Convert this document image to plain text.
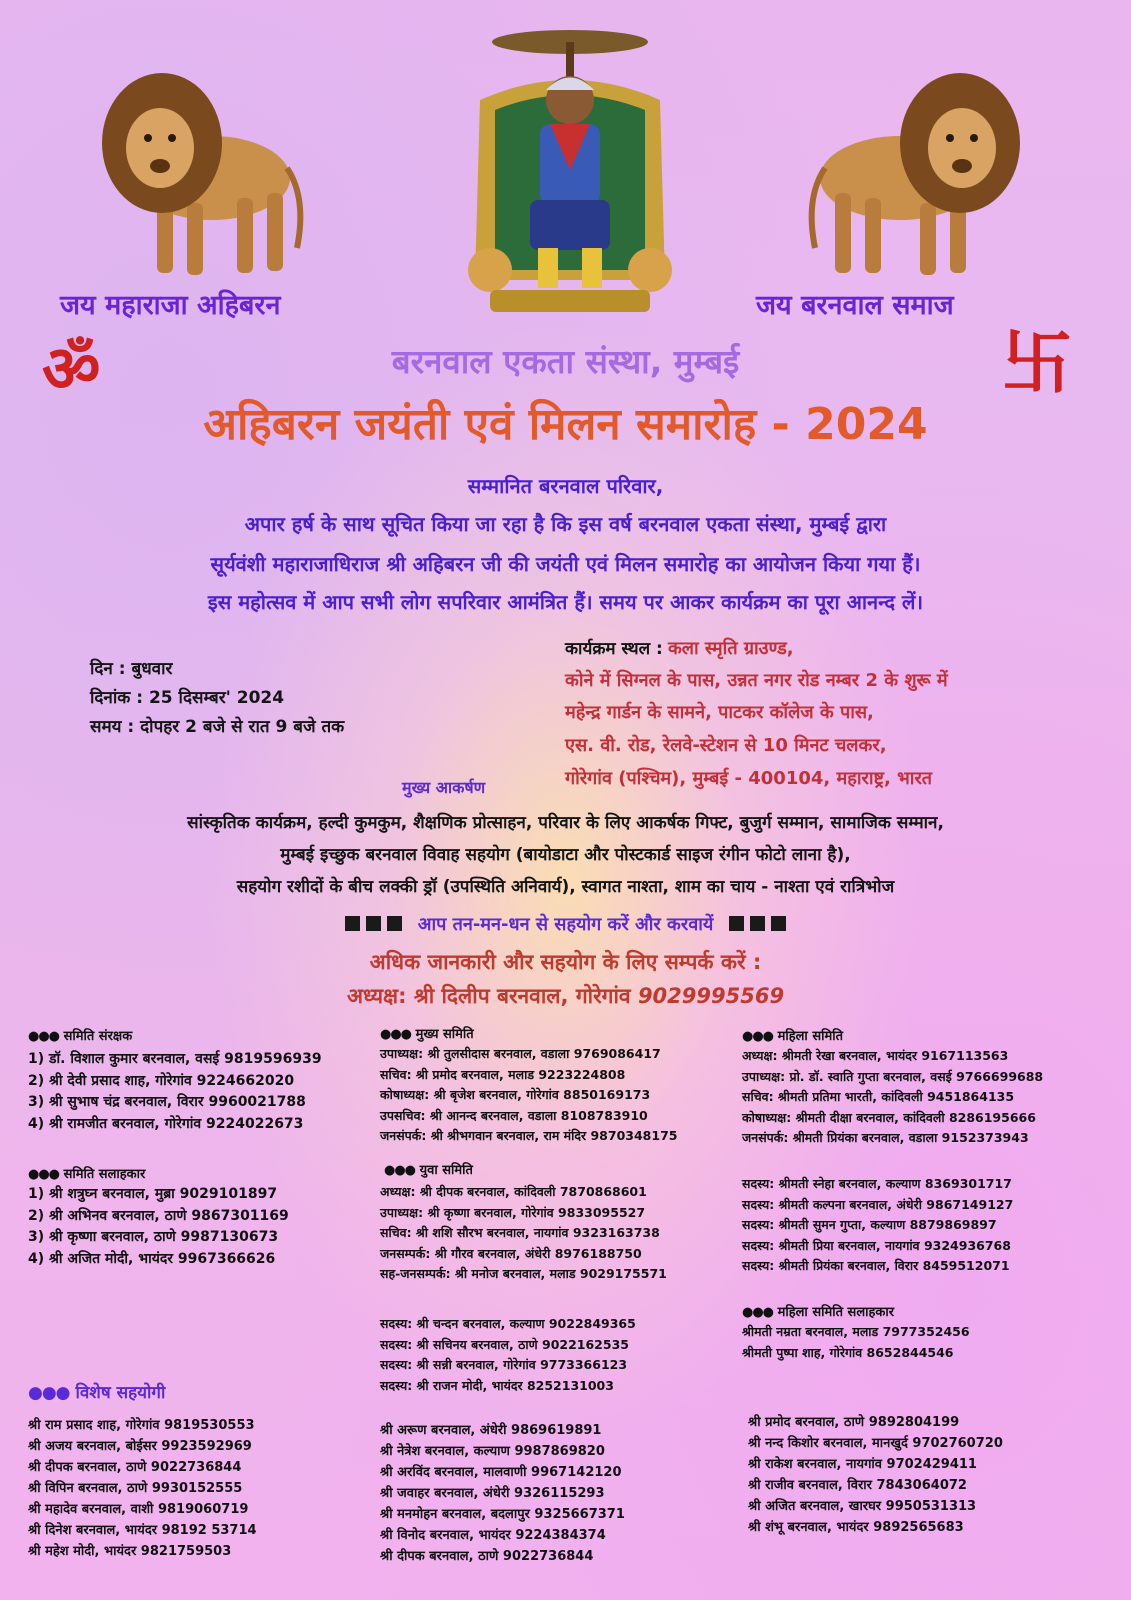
जय महाराजा अहिबरन	जय बरनवाल समाज
ॐ	卐
बरनवाल एकता संस्था, मुम्बई
अहिबरन जयंती एवं मिलन समारोह - 2024
सम्मानित बरनवाल परिवार,
अपार हर्ष के साथ सूचित किया जा रहा है कि इस वर्ष बरनवाल एकता संस्था, मुम्बई द्वारा
सूर्यवंशी महाराजाधिराज श्री अहिबरन जी की जयंती एवं मिलन समारोह का आयोजन किया गया हैं।
इस महोत्सव में आप सभी लोग सपरिवार आमंत्रित हैं। समय पर आकर कार्यक्रम का पूरा आनन्द लें।
दिन : बुधवार
दिनांक : 25 दिसम्बर' 2024
समय : दोपहर 2 बजे से रात 9 बजे तक
कार्यक्रम स्थल : कला स्मृति ग्राउण्ड,
कोने में सिग्नल के पास, उन्नत नगर रोड नम्बर 2 के शुरू में
महेन्द्र गार्डन के सामने, पाटकर कॉलेज के पास,
एस. वी. रोड, रेलवे-स्टेशन से 10 मिनट चलकर,
गोरेगांव (पश्चिम), मुम्बई - 400104, महाराष्ट्र, भारत
मुख्य आकर्षण
सांस्कृतिक कार्यक्रम, हल्दी कुमकुम, शैक्षणिक प्रोत्साहन, परिवार के लिए आकर्षक गिफ्ट, बुजुर्ग सम्मान, सामाजिक सम्मान,
मुम्बई इच्छुक बरनवाल विवाह सहयोग (बायोडाटा और पोस्टकार्ड साइज रंगीन फोटो लाना है),
सहयोग रशीदों के बीच लक्की ड्रॉ (उपस्थिति अनिवार्य), स्वागत नाश्ता, शाम का चाय - नाश्ता एवं रात्रिभोज
आप तन-मन-धन से सहयोग करें और करवायें
अधिक जानकारी और सहयोग के लिए सम्पर्क करें :
अध्यक्ष: श्री दिलीप बरनवाल, गोरेगांव 9029995569
●●● समिति संरक्षक
1) डॉ. विशाल कुमार बरनवाल, वसई 9819596939
2) श्री देवी प्रसाद शाह, गोरेगांव 9224662020
3) श्री सुभाष चंद्र बरनवाल, विरार 9960021788
4) श्री रामजीत बरनवाल, गोरेगांव 9224022673
●●● समिति सलाहकार
1) श्री शत्रुघ्न बरनवाल, मुब्रा 9029101897
2) श्री अभिनव बरनवाल, ठाणे 9867301169
3) श्री कृष्णा बरनवाल, ठाणे 9987130673
4) श्री अजित मोदी, भायंदर 9967366626
●●● विशेष सहयोगी
श्री राम प्रसाद शाह, गोरेगांव 9819530553
श्री अजय बरनवाल, बोईसर 9923592969
श्री दीपक बरनवाल, ठाणे 9022736844
श्री विपिन बरनवाल, ठाणे 9930152555
श्री महादेव बरनवाल, वाशी 9819060719
श्री दिनेश बरनवाल, भायंदर 98192 53714
श्री महेश मोदी, भायंदर 9821759503
●●● मुख्य समिति
उपाध्यक्ष: श्री तुलसीदास बरनवाल, वडाला 9769086417
सचिव: श्री प्रमोद बरनवाल, मलाड 9223224808
कोषाध्यक्ष: श्री बृजेश बरनवाल, गोरेगांव 8850169173
उपसचिव: श्री आनन्द बरनवाल, वडाला 8108783910
जनसंपर्क: श्री श्रीभगवान बरनवाल, राम मंदिर 9870348175
●●● युवा समिति
अध्यक्ष: श्री दीपक बरनवाल, कांदिवली 7870868601
उपाध्यक्ष: श्री कृष्णा बरनवाल, गोरेगांव 9833095527
सचिव: श्री शशि सौरभ बरनवाल, नायगांव 9323163738
जनसम्पर्क: श्री गौरव बरनवाल, अंधेरी 8976188750
सह-जनसम्पर्क: श्री मनोज बरनवाल, मलाड 9029175571
सदस्य: श्री चन्दन बरनवाल, कल्याण 9022849365
सदस्य: श्री सचिनय बरनवाल, ठाणे 9022162535
सदस्य: श्री सन्नी बरनवाल, गोरेगांव 9773366123
सदस्य: श्री राजन मोदी, भायंदर 8252131003
श्री अरूण बरनवाल, अंधेरी 9869619891
श्री नेत्रेश बरनवाल, कल्याण 9987869820
श्री अरविंद बरनवाल, मालवाणी 9967142120
श्री जवाहर बरनवाल, अंधेरी 9326115293
श्री मनमोहन बरनवाल, बदलापुर 9325667371
श्री विनोद बरनवाल, भायंदर 9224384374
श्री दीपक बरनवाल, ठाणे 9022736844
●●● महिला समिति
अध्यक्ष: श्रीमती रेखा बरनवाल, भायंदर 9167113563
उपाध्यक्ष: प्रो. डॉ. स्वाति गुप्ता बरनवाल, वसई 9766699688
सचिव: श्रीमती प्रतिमा भारती, कांदिवली 9451864135
कोषाध्यक्ष: श्रीमती दीक्षा बरनवाल, कांदिवली 8286195666
जनसंपर्क: श्रीमती प्रियंका बरनवाल, वडाला 9152373943
सदस्य: श्रीमती स्नेहा बरनवाल, कल्याण 8369301717
सदस्य: श्रीमती कल्पना बरनवाल, अंधेरी 9867149127
सदस्य: श्रीमती सुमन गुप्ता, कल्याण 8879869897
सदस्य: श्रीमती प्रिया बरनवाल, नायगांव 9324936768
सदस्य: श्रीमती प्रियंका बरनवाल, विरार 8459512071
●●● महिला समिति सलाहकार
श्रीमती नम्रता बरनवाल, मलाड 7977352456
श्रीमती पुष्पा शाह, गोरेगांव 8652844546
श्री प्रमोद बरनवाल, ठाणे 9892804199
श्री नन्द किशोर बरनवाल, मानखुर्द 9702760720
श्री राकेश बरनवाल, नायगांव 9702429411
श्री राजीव बरनवाल, विरार 7843064072
श्री अजित बरनवाल, खारघर 9950531313
श्री शंभू बरनवाल, भायंदर 9892565683
